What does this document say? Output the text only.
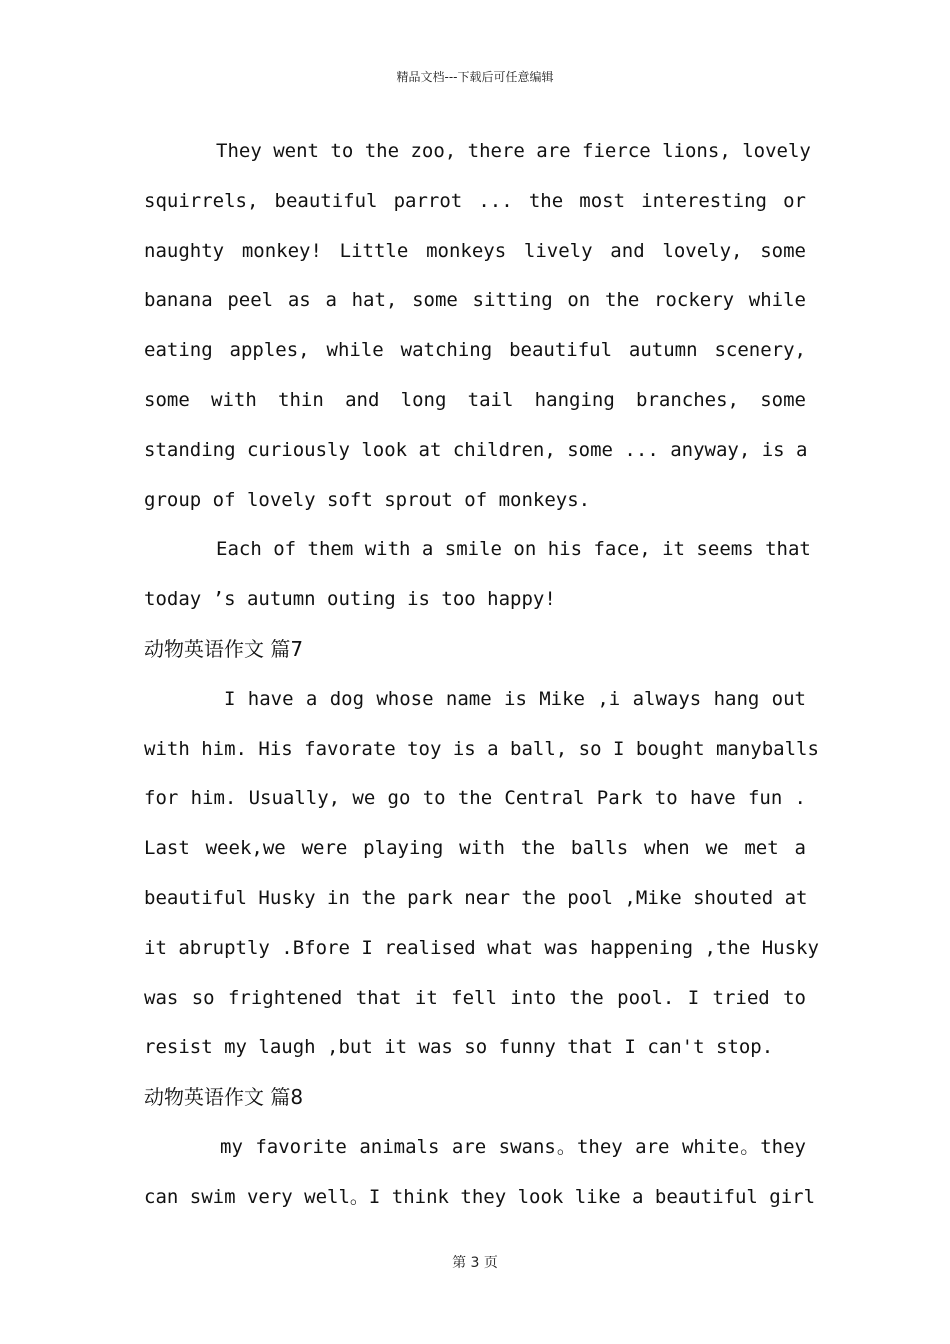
精品文档---下载后可任意编辑
They went to the zoo, there are fierce lions, lovely
squirrels, beautiful parrot ... the most interesting or
naughty monkey! Little monkeys lively and lovely, some
banana peel as a hat, some sitting on the rockery while
eating apples, while watching beautiful autumn scenery,
some with thin and long tail hanging branches, some
standing curiously look at children, some ... anyway, is a
group of lovely soft sprout of monkeys.
Each of them with a smile on his face, it seems that
today ’s autumn outing is too happy!
动物英语作文 篇7
I have a dog whose name is Mike ,i always hang out
with him. His favorate toy is a ball, so I bought manyballs
for him. Usually, we go to the Central Park to have fun .
Last week,we were playing with the balls when we met a
beautiful Husky in the park near the pool ,Mike shouted at
it abruptly .Bfore I realised what was happening ,the Husky
was so frightened that it fell into the pool. I tried to
resist my laugh ,but it was so funny that I can't stop.
动物英语作文 篇8
my favorite animals are swans。they are white。they
can swim very well。I think they look like a beautiful girl
第 3 页
